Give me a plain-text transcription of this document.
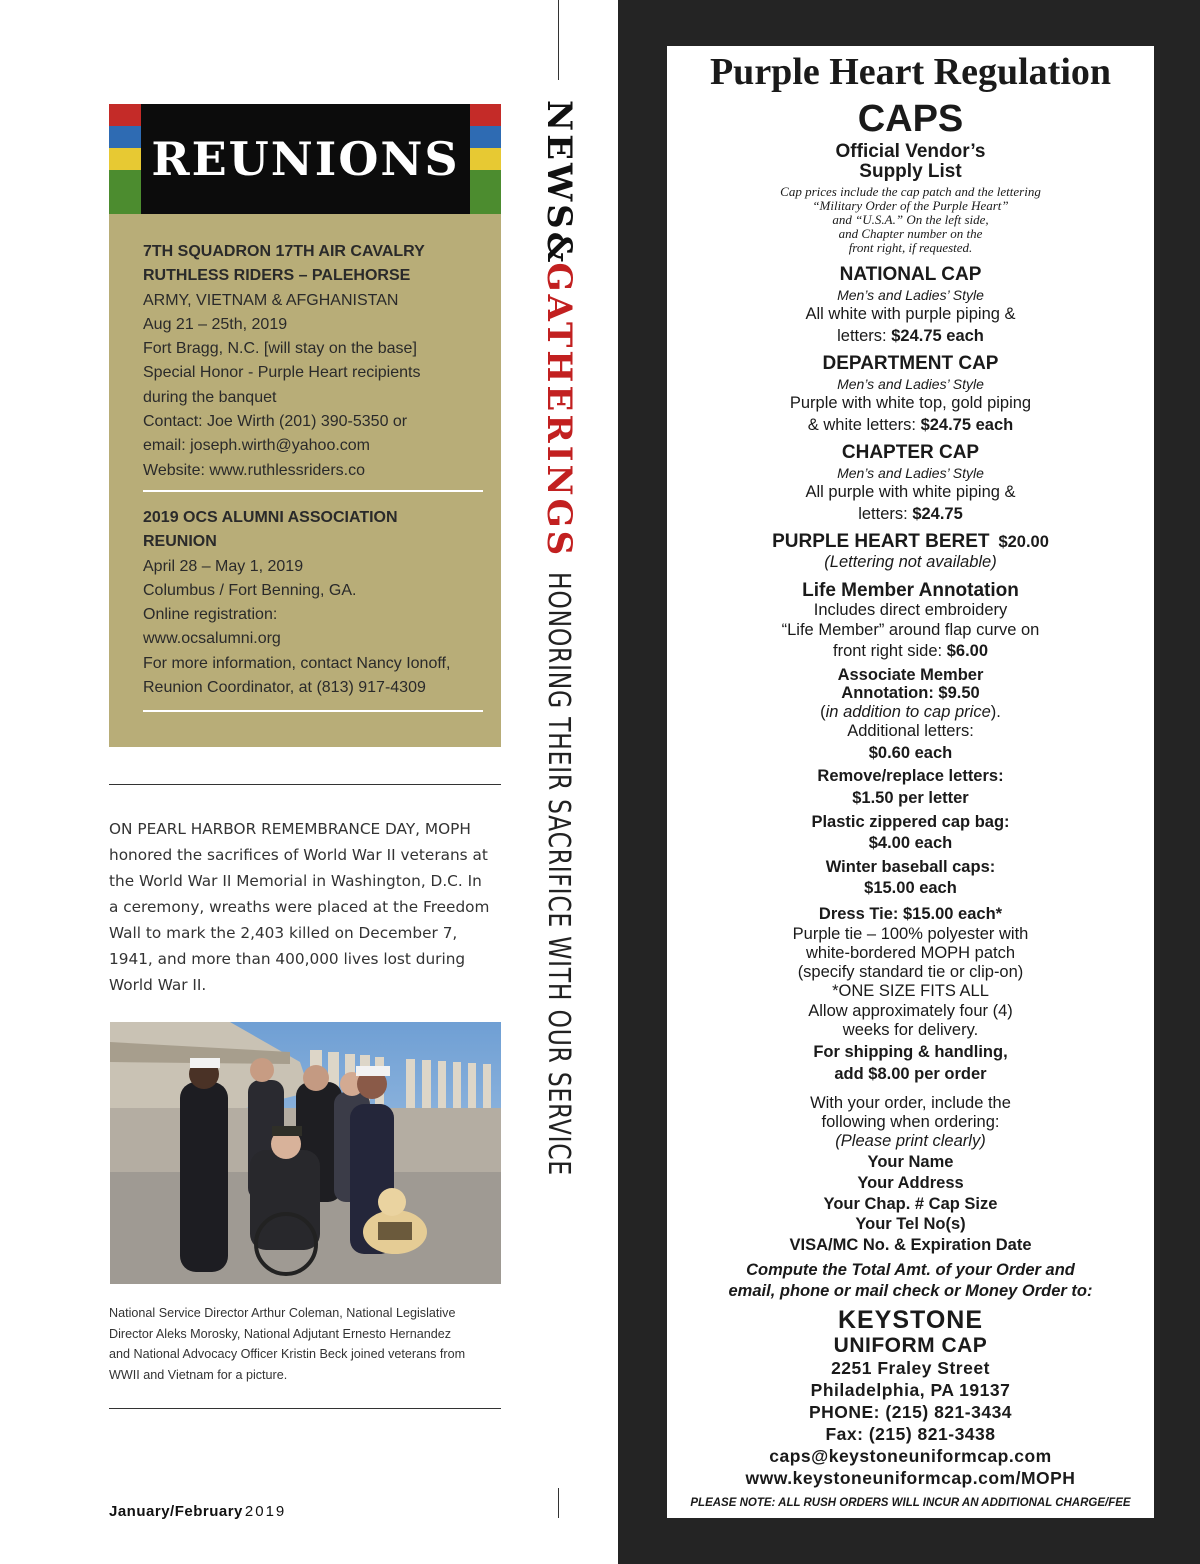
REUNIONS

7TH SQUADRON 17TH AIR CAVALRY

RUTHLESS RIDERS – PALEHORSE

ARMY, VIETNAM & AFGHANISTAN

Aug 21 – 25th, 2019

Fort Bragg, N.C. [will stay on the base]

Special Honor - Purple Heart recipients

during the banquet

Contact: Joe Wirth (201) 390-5350 or

email: joseph.wirth@yahoo.com

Website: www.ruthlessriders.co

2019 OCS ALUMNI ASSOCIATION

REUNION

April 28 – May 1, 2019

Columbus / Fort Benning, GA.

Online registration:

www.ocsalumni.org

For more information, contact Nancy Ionoff,

Reunion Coordinator, at (813) 917-4309

ON PEARL HARBOR REMEMBRANCE DAY, MOPH
honored the sacrifices of World War II veterans at
the World War II Memorial in Washington, D.C. In
a ceremony, wreaths were placed at the Freedom
Wall to mark the 2,403 killed on December 7,
1941, and more than 400,000 lives lost during
World War II.
National Service Director Arthur Coleman, National Legislative
Director Aleks Morosky, National Adjutant Ernesto Hernandez
and National Advocacy Officer Kristin Beck joined veterans from
WWII and Vietnam for a picture.
January/February 2019
NEWS
&
GATHERINGS
HONORING THEIR SACRIFICE WITH OUR SERVICE
Purple Heart Regulation
CAPS
Official Vendor’s
Supply List
Cap prices include the cap patch and the lettering
“Military Order of the Purple Heart”
and “U.S.A.” On the left side,
and Chapter number on the
front right, if requested.
NATIONAL CAP
Men’s and Ladies’ Style
All white with purple piping &
letters: $24.75 each
DEPARTMENT CAP
Men’s and Ladies’ Style
Purple with white top, gold piping
& white letters: $24.75 each
CHAPTER CAP
Men’s and Ladies’ Style
All purple with white piping &
letters: $24.75
PURPLE HEART BERET $20.00
(Lettering not available)
Life Member Annotation
Includes direct embroidery
“Life Member” around flap curve on
front right side: $6.00
Associate Member
Annotation: $9.50
(in addition to cap price).
Additional letters:
$0.60 each
Remove/replace letters:
$1.50 per letter
Plastic zippered cap bag:
$4.00 each
Winter baseball caps:
$15.00 each
Dress Tie: $15.00 each*
Purple tie – 100% polyester with
white-bordered MOPH patch
(specify standard tie or clip-on)
*ONE SIZE FITS ALL
Allow approximately four (4)
weeks for delivery.
For shipping & handling,
add $8.00 per order
With your order, include the
following when ordering:
(Please print clearly)
Your Name
Your Address
Your Chap. # Cap Size
Your Tel No(s)
VISA/MC No. & Expiration Date
Compute the Total Amt. of your Order and
email, phone or mail check or Money Order to:
KEYSTONE
UNIFORM CAP
2251 Fraley Street
Philadelphia, PA 19137
PHONE: (215) 821-3434
Fax: (215) 821-3438
caps@keystoneuniformcap.com
www.keystoneuniformcap.com/MOPH
PLEASE NOTE: ALL RUSH ORDERS WILL INCUR AN ADDITIONAL CHARGE/FEE
